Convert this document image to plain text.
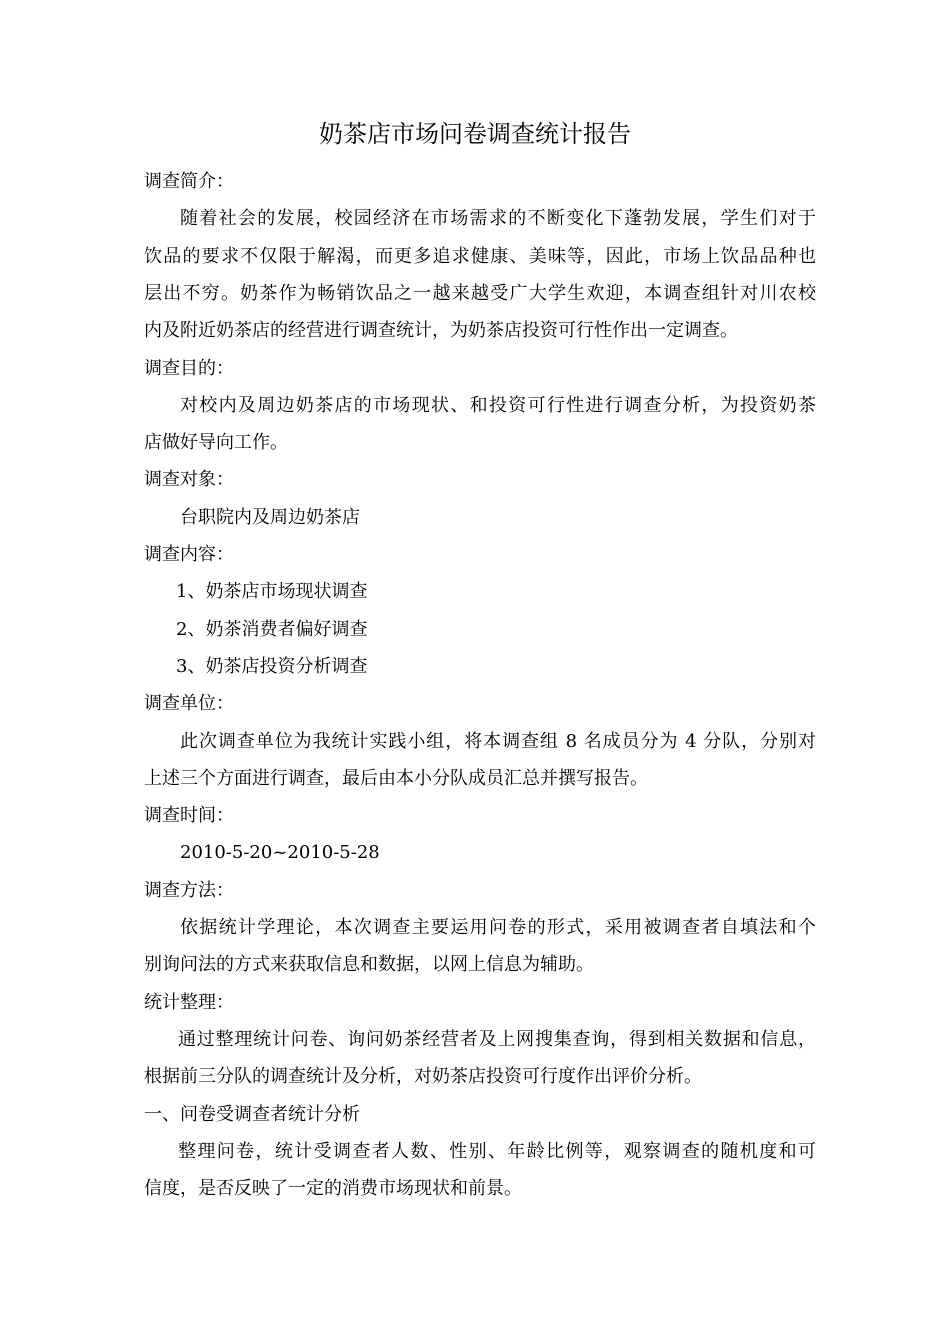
奶茶店市场问卷调查统计报告
调查简介：
随着社会的发展，校园经济在市场需求的不断变化下蓬勃发展，学生们对于
饮品的要求不仅限于解渴，而更多追求健康、美味等，因此，市场上饮品品种也
层出不穷。奶茶作为畅销饮品之一越来越受广大学生欢迎，本调查组针对川农校
内及附近奶茶店的经营进行调查统计，为奶茶店投资可行性作出一定调查。
调查目的：
对校内及周边奶茶店的市场现状、和投资可行性进行调查分析，为投资奶茶
店做好导向工作。
调查对象：
台职院内及周边奶茶店
调查内容：
1、奶茶店市场现状调查
2、奶茶消费者偏好调查
3、奶茶店投资分析调查
调查单位：
此次调查单位为我统计实践小组，将本调查组 8 名成员分为 4 分队，分别对
上述三个方面进行调查，最后由本小分队成员汇总并撰写报告。
调查时间：
2010-5-20~2010-5-28
调查方法：
依据统计学理论，本次调查主要运用问卷的形式，采用被调查者自填法和个
别询问法的方式来获取信息和数据，以网上信息为辅助。
统计整理：
通过整理统计问卷、询问奶茶经营者及上网搜集查询，得到相关数据和信息，
根据前三分队的调查统计及分析，对奶茶店投资可行度作出评价分析。
一、问卷受调查者统计分析
整理问卷，统计受调查者人数、性别、年龄比例等，观察调查的随机度和可
信度，是否反映了一定的消费市场现状和前景。
